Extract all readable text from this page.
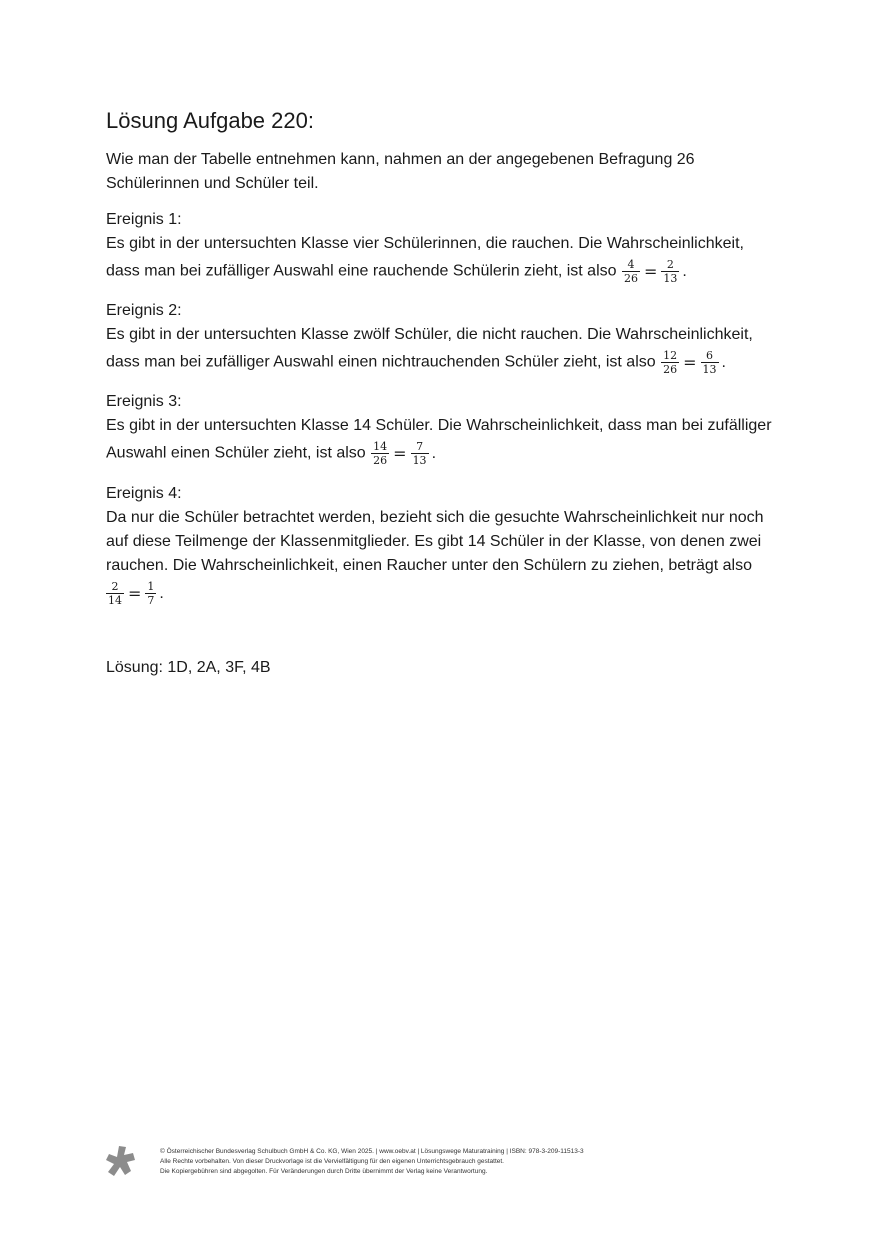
Lösung Aufgabe 220:
Wie man der Tabelle entnehmen kann, nahmen an der angegebenen Befragung 26
Schülerinnen und Schüler teil.
Ereignis 1:
Es gibt in der untersuchten Klasse vier Schülerinnen, die rauchen. Die Wahrscheinlichkeit,
dass man bei zufälliger Auswahl eine rauchende Schülerin zieht, ist also $\frac{4}{26} = \frac{2}{13}$ .
Ereignis 2:
Es gibt in der untersuchten Klasse zwölf Schüler, die nicht rauchen. Die Wahrscheinlichkeit,
dass man bei zufälliger Auswahl einen nichtrauchenden Schüler zieht, ist also $\frac{12}{26} = \frac{6}{13}$ .
Ereignis 3:
Es gibt in der untersuchten Klasse 14 Schüler. Die Wahrscheinlichkeit, dass man bei zufälliger
Auswahl einen Schüler zieht, ist also $\frac{14}{26} = \frac{7}{13}$ .
Ereignis 4:
Da nur die Schüler betrachtet werden, bezieht sich die gesuchte Wahrscheinlichkeit nur noch
auf diese Teilmenge der Klassenmitglieder. Es gibt 14 Schüler in der Klasse, von denen zwei
rauchen. Die Wahrscheinlichkeit, einen Raucher unter den Schülern zu ziehen, beträgt also
$\frac{2}{14} = \frac{1}{7}$ .
Lösung: 1D, 2A, 3F, 4B
© Österreichischer Bundesverlag Schulbuch GmbH & Co. KG, Wien 2025. | www.oebv.at | Lösungswege Maturatraining | ISBN: 978-3-209-11513-3
Alle Rechte vorbehalten. Von dieser Druckvorlage ist die Vervielfältigung für den eigenen Unterrichtsgebrauch gestattet.
Die Kopiergebühren sind abgegolten. Für Veränderungen durch Dritte übernimmt der Verlag keine Verantwortung.
